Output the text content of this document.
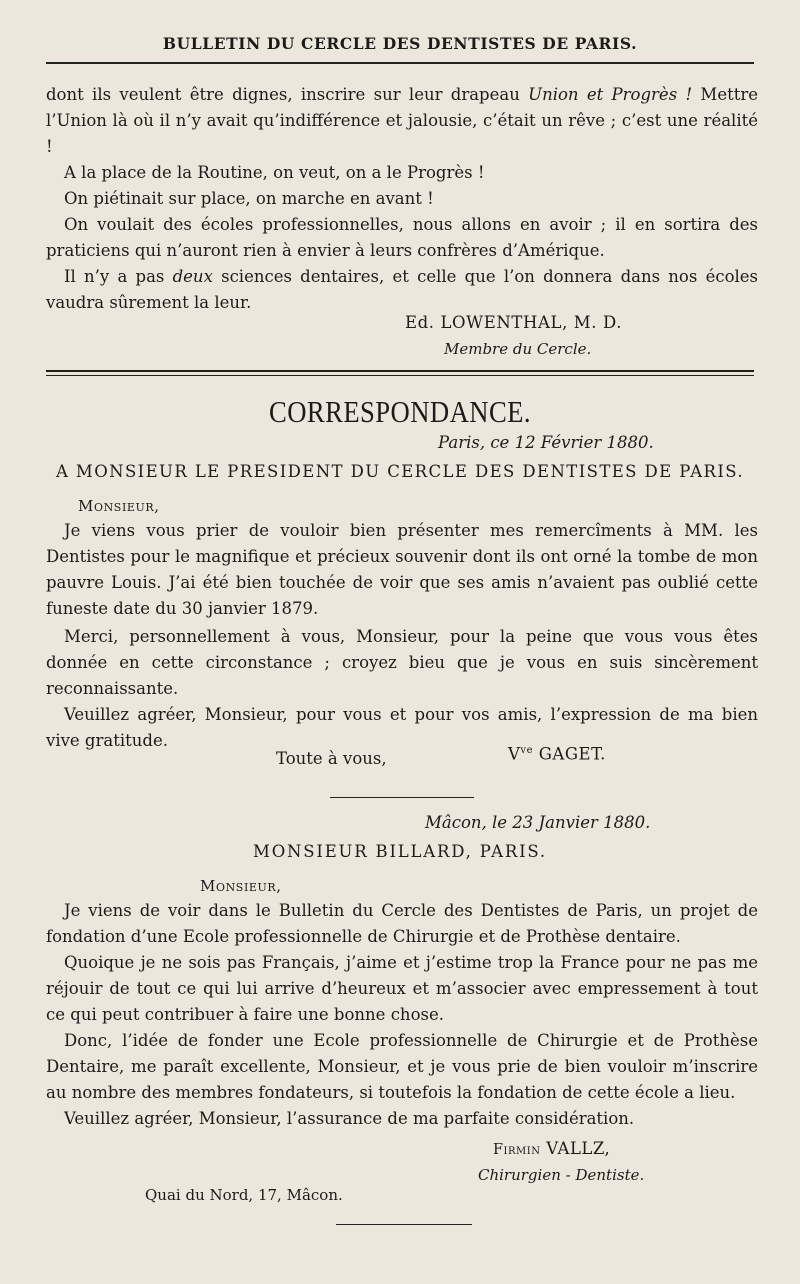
BULLETIN DU CERCLE DES DENTISTES DE PARIS.
dont ils veulent être dignes, inscrire sur leur drapeau Union et Progrès ! Mettre l’Union là où il n’y avait qu’indifférence et jalousie, c’était un rêve ; c’est une réalité !
A la place de la Routine, on veut, on a le Progrès !
On piétinait sur place, on marche en avant !
On voulait des écoles professionnelles, nous allons en avoir ; il en sortira des praticiens qui n’auront rien à envier à leurs confrères d’Amérique.
Il n’y a pas deux sciences dentaires, et celle que l’on donnera dans nos écoles vaudra sûrement la leur.
Ed. LOWENTHAL, M. D.
Membre du Cercle.
CORRESPONDANCE.
Paris, ce 12 Février 1880.
A MONSIEUR LE PRESIDENT DU CERCLE DES DENTISTES DE PARIS.
Monsieur,
Je viens vous prier de vouloir bien présenter mes remercîments à MM. les Dentistes pour le magnifique et précieux souvenir dont ils ont orné la tombe de mon pauvre Louis. J’ai été bien touchée de voir que ses amis n’avaient pas oublié cette funeste date du 30 janvier 1879.
Merci, personnellement à vous, Monsieur, pour la peine que vous vous êtes donnée en cette circonstance ; croyez bieu que je vous en suis sincèrement reconnaissante.
Veuillez agréer, Monsieur, pour vous et pour vos amis, l’expression de ma bien vive gratitude.
Toute à vous,	$V^{ve}$ GAGET.
Mâcon, le 23 Janvier 1880.
MONSIEUR BILLARD, PARIS.
Monsieur,
Je viens de voir dans le Bulletin du Cercle des Dentistes de Paris, un projet de fondation d’une Ecole professionnelle de Chirurgie et de Prothèse dentaire.
Quoique je ne sois pas Français, j’aime et j’estime trop la France pour ne pas me réjouir de tout ce qui lui arrive d’heureux et m’associer avec empressement à tout ce qui peut contribuer à faire une bonne chose.
Donc, l’idée de fonder une Ecole professionnelle de Chirurgie et de Prothèse Dentaire, me paraît excellente, Monsieur, et je vous prie de bien vouloir m’inscrire au nombre des membres fondateurs, si toutefois la fondation de cette école a lieu.
Veuillez agréer, Monsieur, l’assurance de ma parfaite considération.
Firmin VALLZ,
Chirurgien - Dentiste.
Quai du Nord, 17, Mâcon.
